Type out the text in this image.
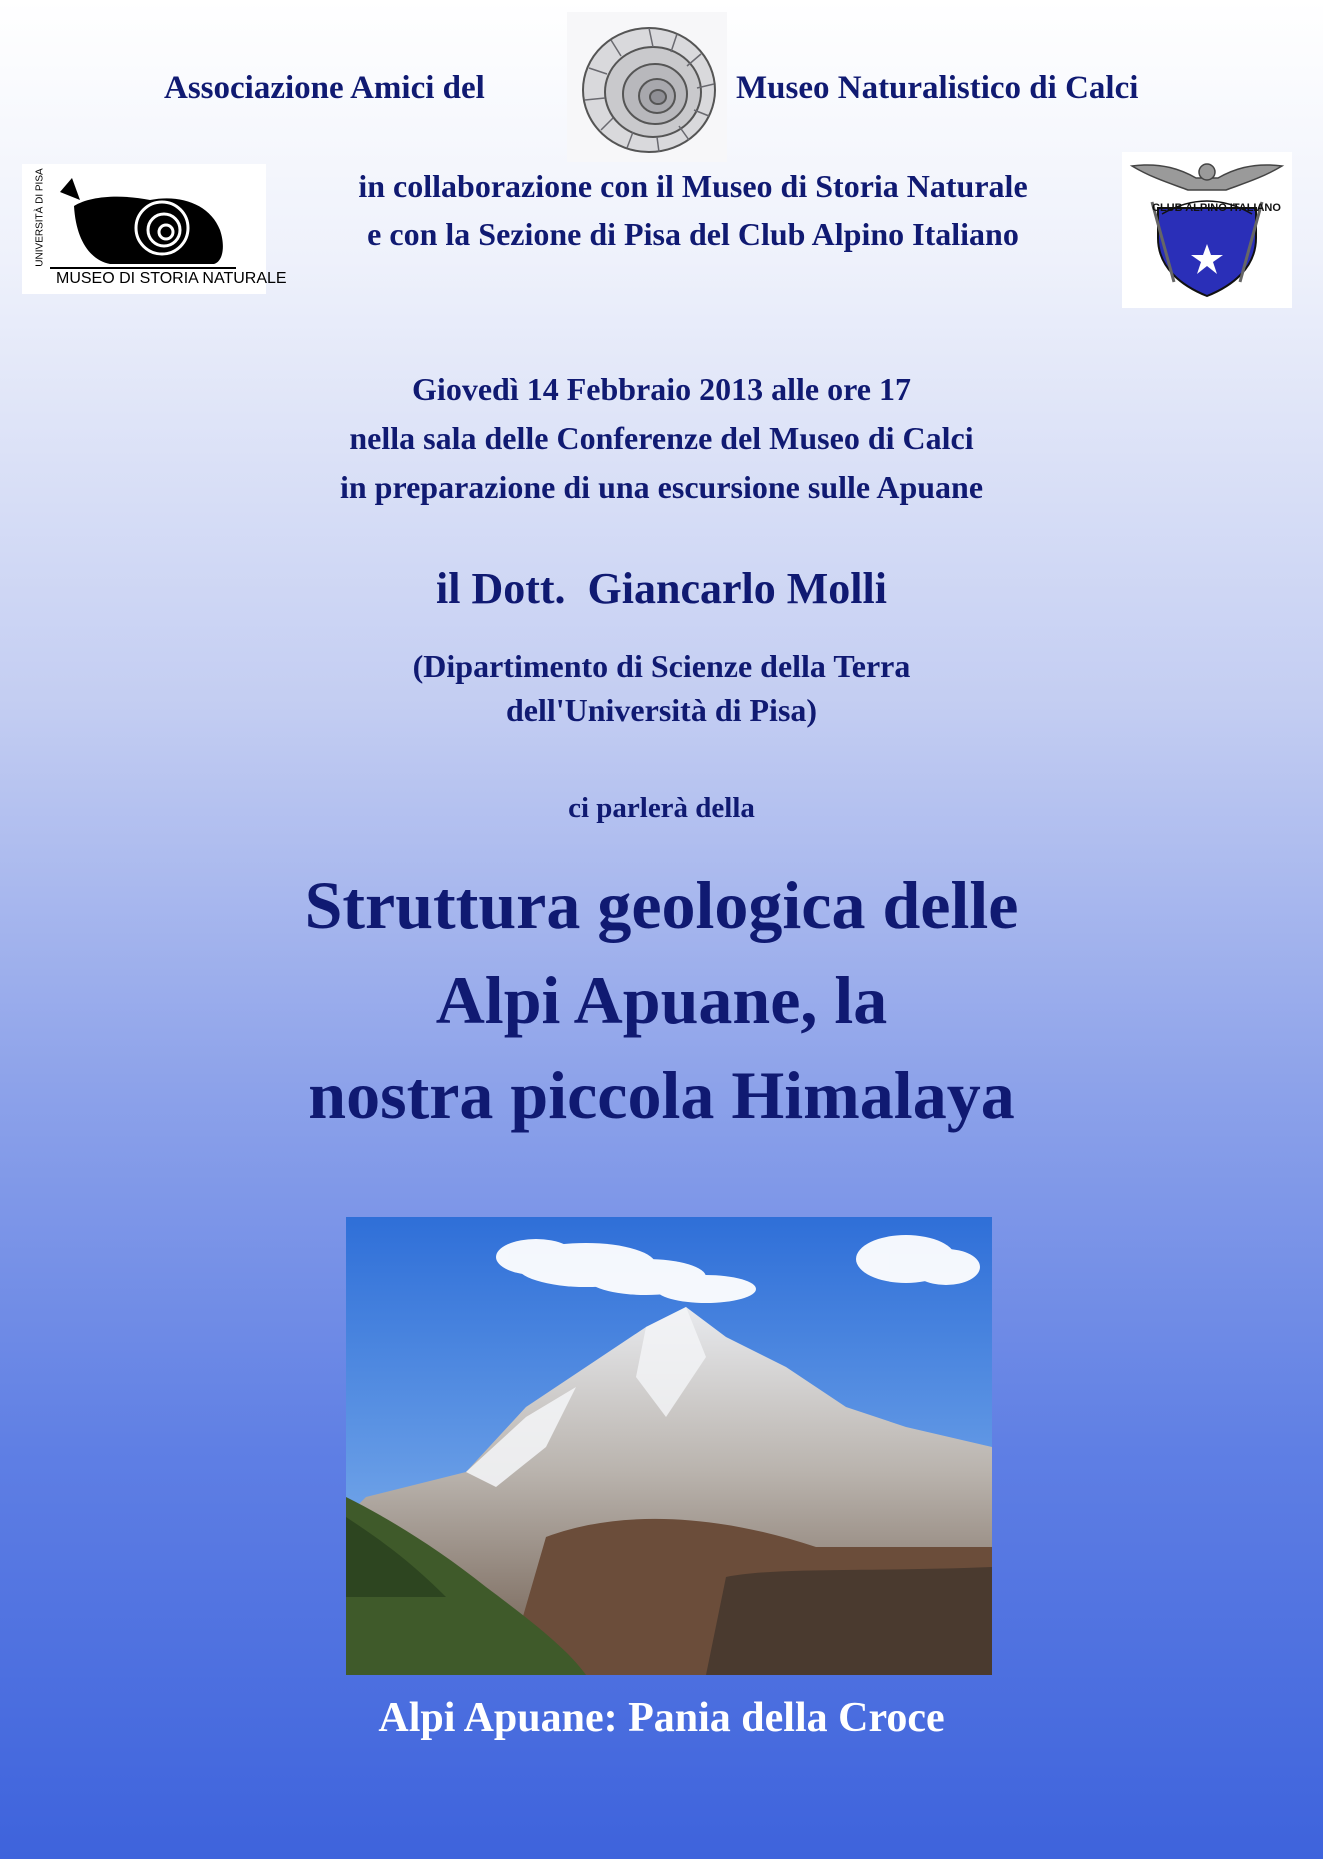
Associazione Amici del	Museo Naturalistico di Calci
UNIVERSITÀ DI PISA
MUSEO DI STORIA NATURALE
in collaborazione con il Museo di Storia Naturale
e con la Sezione di Pisa del Club Alpino Italiano
CLUB ALPINO ITALIANO
Giovedì 14 Febbraio 2013 alle ore 17
nella sala delle Conferenze del Museo di Calci
in preparazione di una escursione sulle Apuane
il Dott.  Giancarlo Molli
(Dipartimento di Scienze della Terra
dell'Università di Pisa)
ci parlerà della
Struttura geologica delle
Alpi Apuane, la
nostra piccola Himalaya
Alpi Apuane: Pania della Croce
